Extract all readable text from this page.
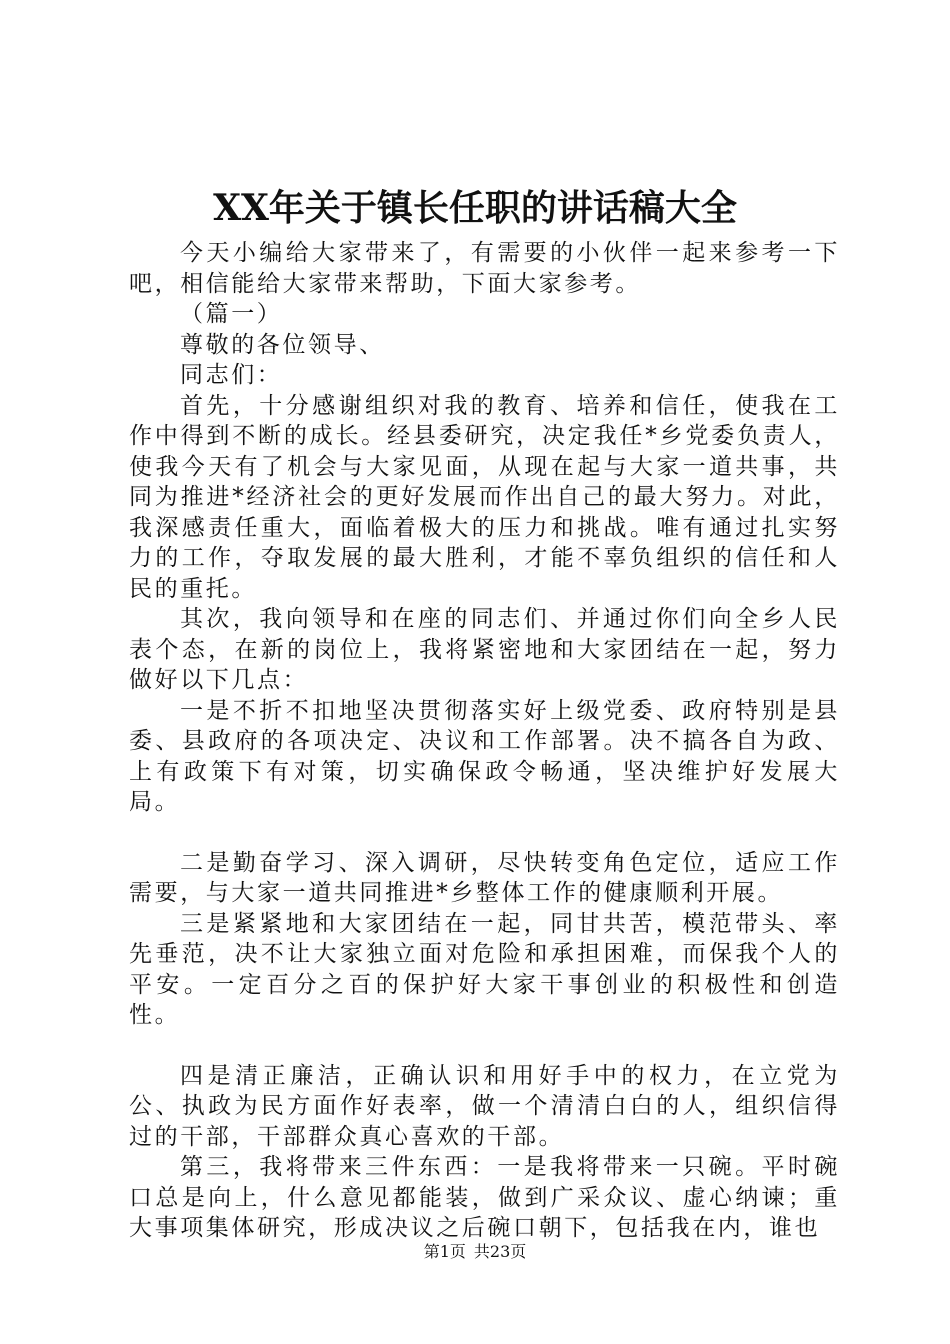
XX年关于镇长任职的讲话稿大全

今天小编给大家带来了，有需要的小伙伴一起来参考一下吧，相信能给大家带来帮助，下面大家参考。

（篇一）

尊敬的各位领导、

同志们：

首先，十分感谢组织对我的教育、培养和信任，使我在工作中得到不断的成长。经县委研究，决定我任*乡党委负责人，使我今天有了机会与大家见面，从现在起与大家一道共事，共同为推进*经济社会的更好发展而作出自己的最大努力。对此，我深感责任重大，面临着极大的压力和挑战。唯有通过扎实努力的工作，夺取发展的最大胜利，才能不辜负组织的信任和人民的重托。

其次，我向领导和在座的同志们、并通过你们向全乡人民表个态，在新的岗位上，我将紧密地和大家团结在一起，努力做好以下几点：

一是不折不扣地坚决贯彻落实好上级党委、政府特别是县委、县政府的各项决定、决议和工作部署。决不搞各自为政、上有政策下有对策，切实确保政令畅通，坚决维护好发展大局。

二是勤奋学习、深入调研，尽快转变角色定位，适应工作需要，与大家一道共同推进*乡整体工作的健康顺利开展。

三是紧紧地和大家团结在一起，同甘共苦，模范带头、率先垂范，决不让大家独立面对危险和承担困难，而保我个人的平安。一定百分之百的保护好大家干事创业的积极性和创造性。

四是清正廉洁，正确认识和用好手中的权力，在立党为公、执政为民方面作好表率，做一个清清白白的人，组织信得过的干部，干部群众真心喜欢的干部。

第三，我将带来三件东西：一是我将带来一只碗。平时碗口总是向上，什么意见都能装，做到广采众议、虚心纳谏；重大事项集体研究，形成决议之后碗口朝下，包括我在内，谁也

第1页 共23页
